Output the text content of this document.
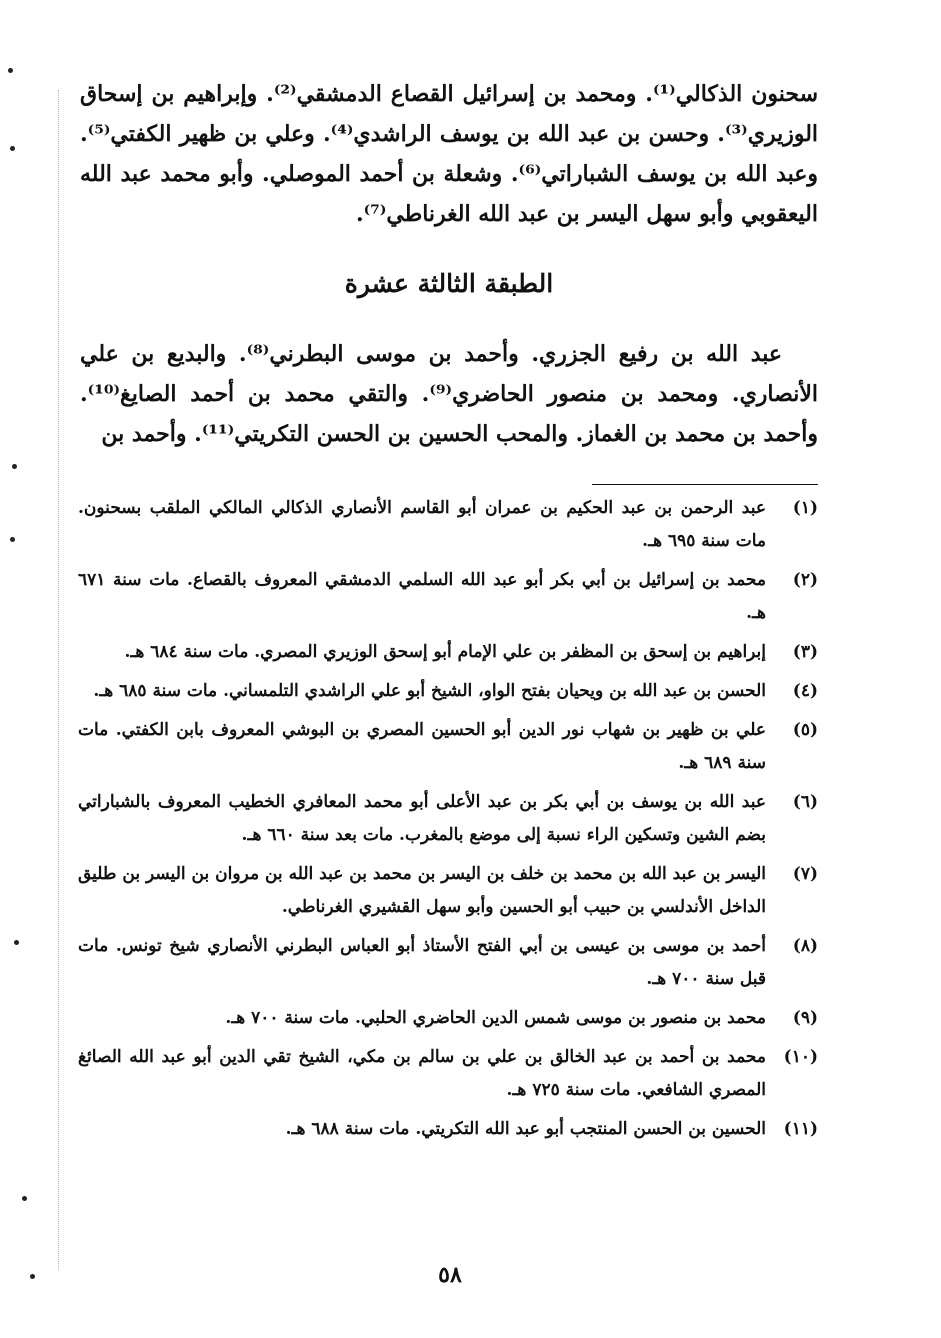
سحنون الذكالي⁽¹⁾. ومحمد بن إسرائيل القصاع الدمشقي⁽²⁾. وإبراهيم بن إسحاق الوزيري⁽³⁾. وحسن بن عبد الله بن يوسف الراشدي⁽⁴⁾. وعلي بن ظهير الكفتي⁽⁵⁾. وعبد الله بن يوسف الشباراتي⁽⁶⁾. وشعلة بن أحمد الموصلي. وأبو محمد عبد الله اليعقوبي وأبو سهل اليسر بن عبد الله الغرناطي⁽⁷⁾.

الطبقة الثالثة عشرة

عبد الله بن رفيع الجزري. وأحمد بن موسى البطرني⁽⁸⁾. والبديع بن علي الأنصاري. ومحمد بن منصور الحاضري⁽⁹⁾. والتقي محمد بن أحمد الصايغ⁽¹⁰⁾. وأحمد بن محمد بن الغماز. والمحب الحسين بن الحسن التكريتي⁽¹¹⁾. وأحمد بن

(١)
عبد الرحمن بن عبد الحكيم بن عمران أبو القاسم الأنصاري الذكالي المالكي الملقب بسحنون. مات سنة ٦٩٥ هـ.
(٢)
محمد بن إسرائيل بن أبي بكر أبو عبد الله السلمي الدمشقي المعروف بالقصاع. مات سنة ٦٧١ هـ.
(٣)
إبراهيم بن إسحق بن المظفر بن علي الإمام أبو إسحق الوزيري المصري. مات سنة ٦٨٤ هـ.
(٤)
الحسن بن عبد الله بن ويحيان بفتح الواو، الشيخ أبو علي الراشدي التلمساني. مات سنة ٦٨٥ هـ.
(٥)
علي بن ظهير بن شهاب نور الدين أبو الحسين المصري بن البوشي المعروف بابن الكفتي. مات سنة ٦٨٩ هـ.
(٦)
عبد الله بن يوسف بن أبي بكر بن عبد الأعلى أبو محمد المعافري الخطيب المعروف بالشباراتي بضم الشين وتسكين الراء نسبة إلى موضع بالمغرب. مات بعد سنة ٦٦٠ هـ.
(٧)
اليسر بن عبد الله بن محمد بن خلف بن اليسر بن محمد بن عبد الله بن مروان بن اليسر بن طليق الداخل الأندلسي بن حبيب أبو الحسين وأبو سهل القشيري الغرناطي.
(٨)
أحمد بن موسى بن عيسى بن أبي الفتح الأستاذ أبو العباس البطرني الأنصاري شيخ تونس. مات قبل سنة ٧٠٠ هـ.
(٩)
محمد بن منصور بن موسى شمس الدين الحاضري الحلبي. مات سنة ٧٠٠ هـ.
(١٠)
محمد بن أحمد بن عبد الخالق بن علي بن سالم بن مكي، الشيخ تقي الدين أبو عبد الله الصائغ المصري الشافعي. مات سنة ٧٢٥ هـ.
(١١)
الحسين بن الحسن المنتجب أبو عبد الله التكريتي. مات سنة ٦٨٨ هـ.

٥٨
